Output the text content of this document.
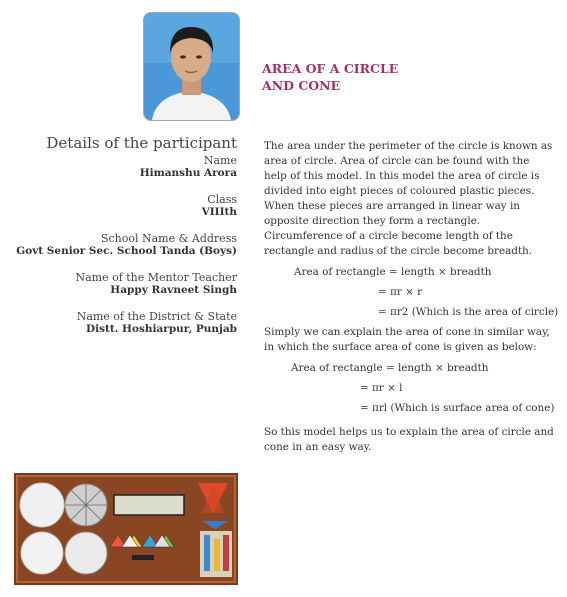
AREA OF A CIRCLE
AND CONE
Details of the participant
Name
Himanshu Arora
Class
VIIIth
School Name & Address
Govt Senior Sec. School Tanda (Boys)
Name of the Mentor Teacher
Happy Ravneet Singh
Name of the District & State
Distt. Hoshiarpur, Punjab

The area under the perimeter of the circle is known as area of circle. Area of circle can be found with the help of this model. In this model the area of circle is divided into eight pieces of coloured plastic pieces. When these pieces are arranged in linear way in opposite direction they form a rectangle. Circumference of a circle become length of the rectangle and radius of the circle become breadth.

Area of rectangle = length × breadth
= πr × r
= πr2 (Which is the area of circle)

Simply we can explain the area of cone in similar way, in which the surface area of cone is given as below:

Area of rectangle = length × breadth
= πr × l
= πrl (Which is surface area of cone)

So this model helps us to explain the area of circle and cone in an easy way.
